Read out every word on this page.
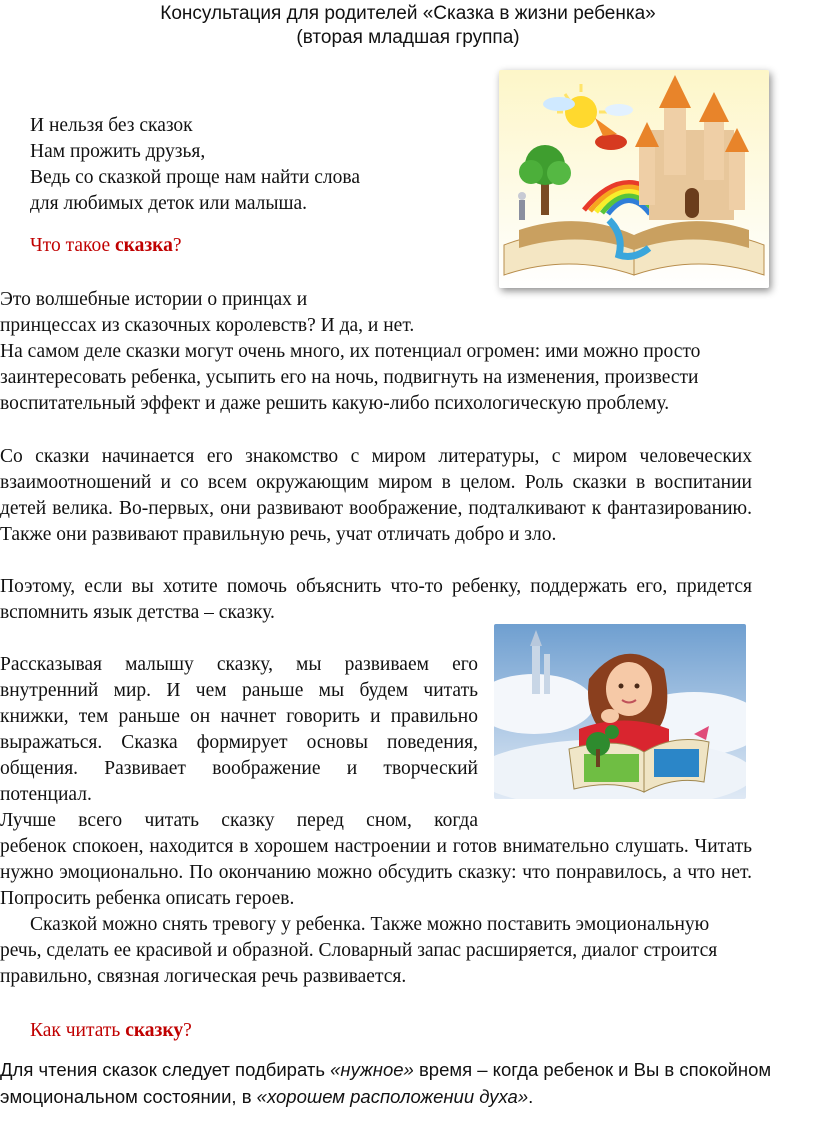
Консультация для родителей «Сказка в жизни ребенка»
(вторая младшая группа)
И нельзя без сказок
Нам прожить друзья,
Ведь со сказкой проще нам найти слова
для любимых деток или малыша.
Что такое сказка?
Это волшебные истории о принцах и
принцессах из сказочных королевств? И да, и нет.
На самом деле сказки могут очень много, их потенциал огромен: ими можно просто заинтересовать ребенка, усыпить его на ночь, подвигнуть на изменения, произвести воспитательный эффект и даже решить какую-либо психологическую проблему.
Со сказки начинается его знакомство с миром литературы, с миром человеческих взаимоотношений и со всем окружающим миром в целом. Роль сказки в воспитании детей велика. Во-первых, они развивают воображение, подталкивают к фантазированию. Также они развивают правильную речь, учат отличать добро и зло.
Поэтому, если вы хотите помочь объяснить что-то ребенку, поддержать его, придется вспомнить язык детства – сказку.
Рассказывая малышу сказку, мы развиваем его внутренний мир. И чем раньше мы будем читать книжки, тем раньше он начнет говорить и правильно выражаться. Сказка формирует основы поведения, общения. Развивает воображение и творческий потенциал.
Лучше всего читать сказку перед сном, когда
ребенок спокоен, находится в хорошем настроении и готов внимательно слушать. Читать нужно эмоционально. По окончанию можно обсудить сказку: что понравилось, а что нет. Попросить ребенка описать героев.
Сказкой можно снять тревогу у ребенка. Также можно поставить эмоциональную речь, сделать ее красивой и образной. Словарный запас расширяется, диалог строится правильно, связная логическая речь развивается.
Как читать сказку?
Для чтения сказок следует подбирать «нужное» время – когда ребенок и Вы в спокойном эмоциональном состоянии, в «хорошем расположении духа».
